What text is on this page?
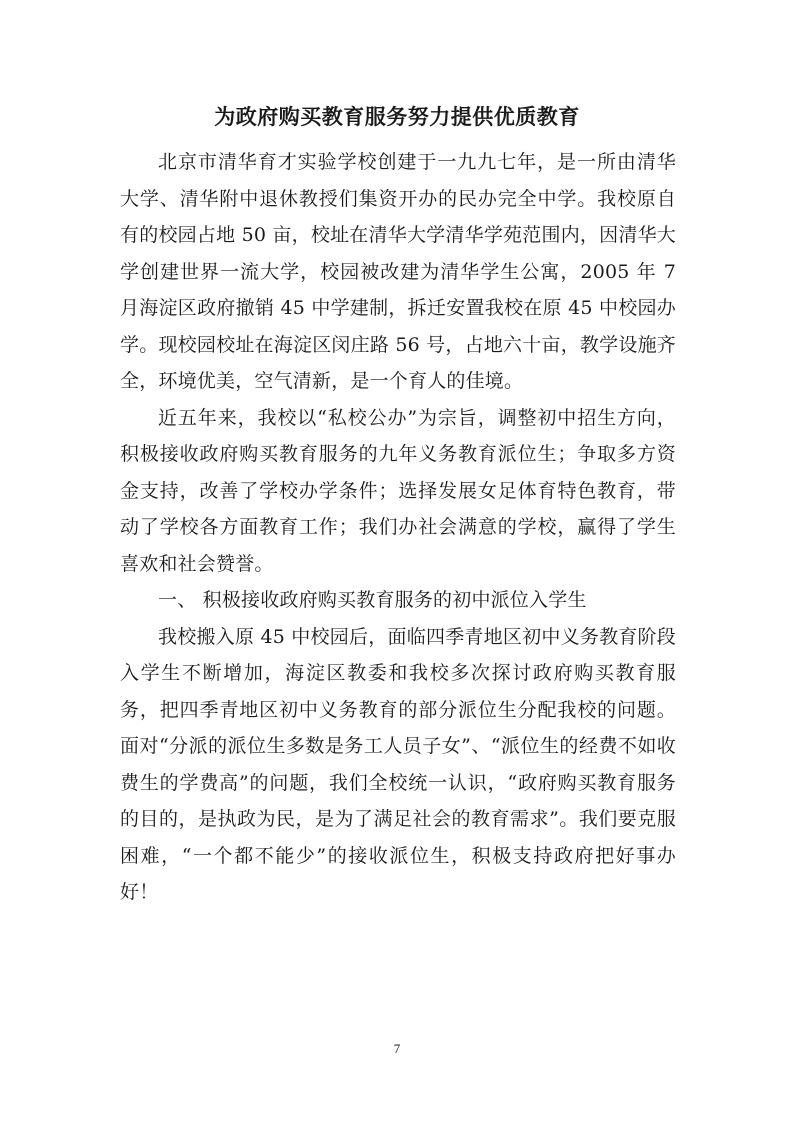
为政府购买教育服务努力提供优质教育

北京市清华育才实验学校创建于一九九七年，是一所由清华大学、清华附中退休教授们集资开办的民办完全中学。我校原自有的校园占地 50 亩，校址在清华大学清华学苑范围内，因清华大学创建世界一流大学，校园被改建为清华学生公寓，2005 年 7 月海淀区政府撤销 45 中学建制，拆迁安置我校在原 45 中校园办学。现校园校址在海淀区闵庄路 56 号，占地六十亩，教学设施齐全，环境优美，空气清新，是一个育人的佳境。

近五年来，我校以“私校公办”为宗旨，调整初中招生方向，积极接收政府购买教育服务的九年义务教育派位生；争取多方资金支持，改善了学校办学条件；选择发展女足体育特色教育，带动了学校各方面教育工作；我们办社会满意的学校，赢得了学生喜欢和社会赞誉。

一、 积极接收政府购买教育服务的初中派位入学生

我校搬入原 45 中校园后，面临四季青地区初中义务教育阶段入学生不断增加，海淀区教委和我校多次探讨政府购买教育服务，把四季青地区初中义务教育的部分派位生分配我校的问题。面对“分派的派位生多数是务工人员子女”、“派位生的经费不如收费生的学费高”的问题，我们全校统一认识，“政府购买教育服务的目的，是执政为民，是为了满足社会的教育需求”。我们要克服困难，“一个都不能少”的接收派位生，积极支持政府把好事办好！

7
